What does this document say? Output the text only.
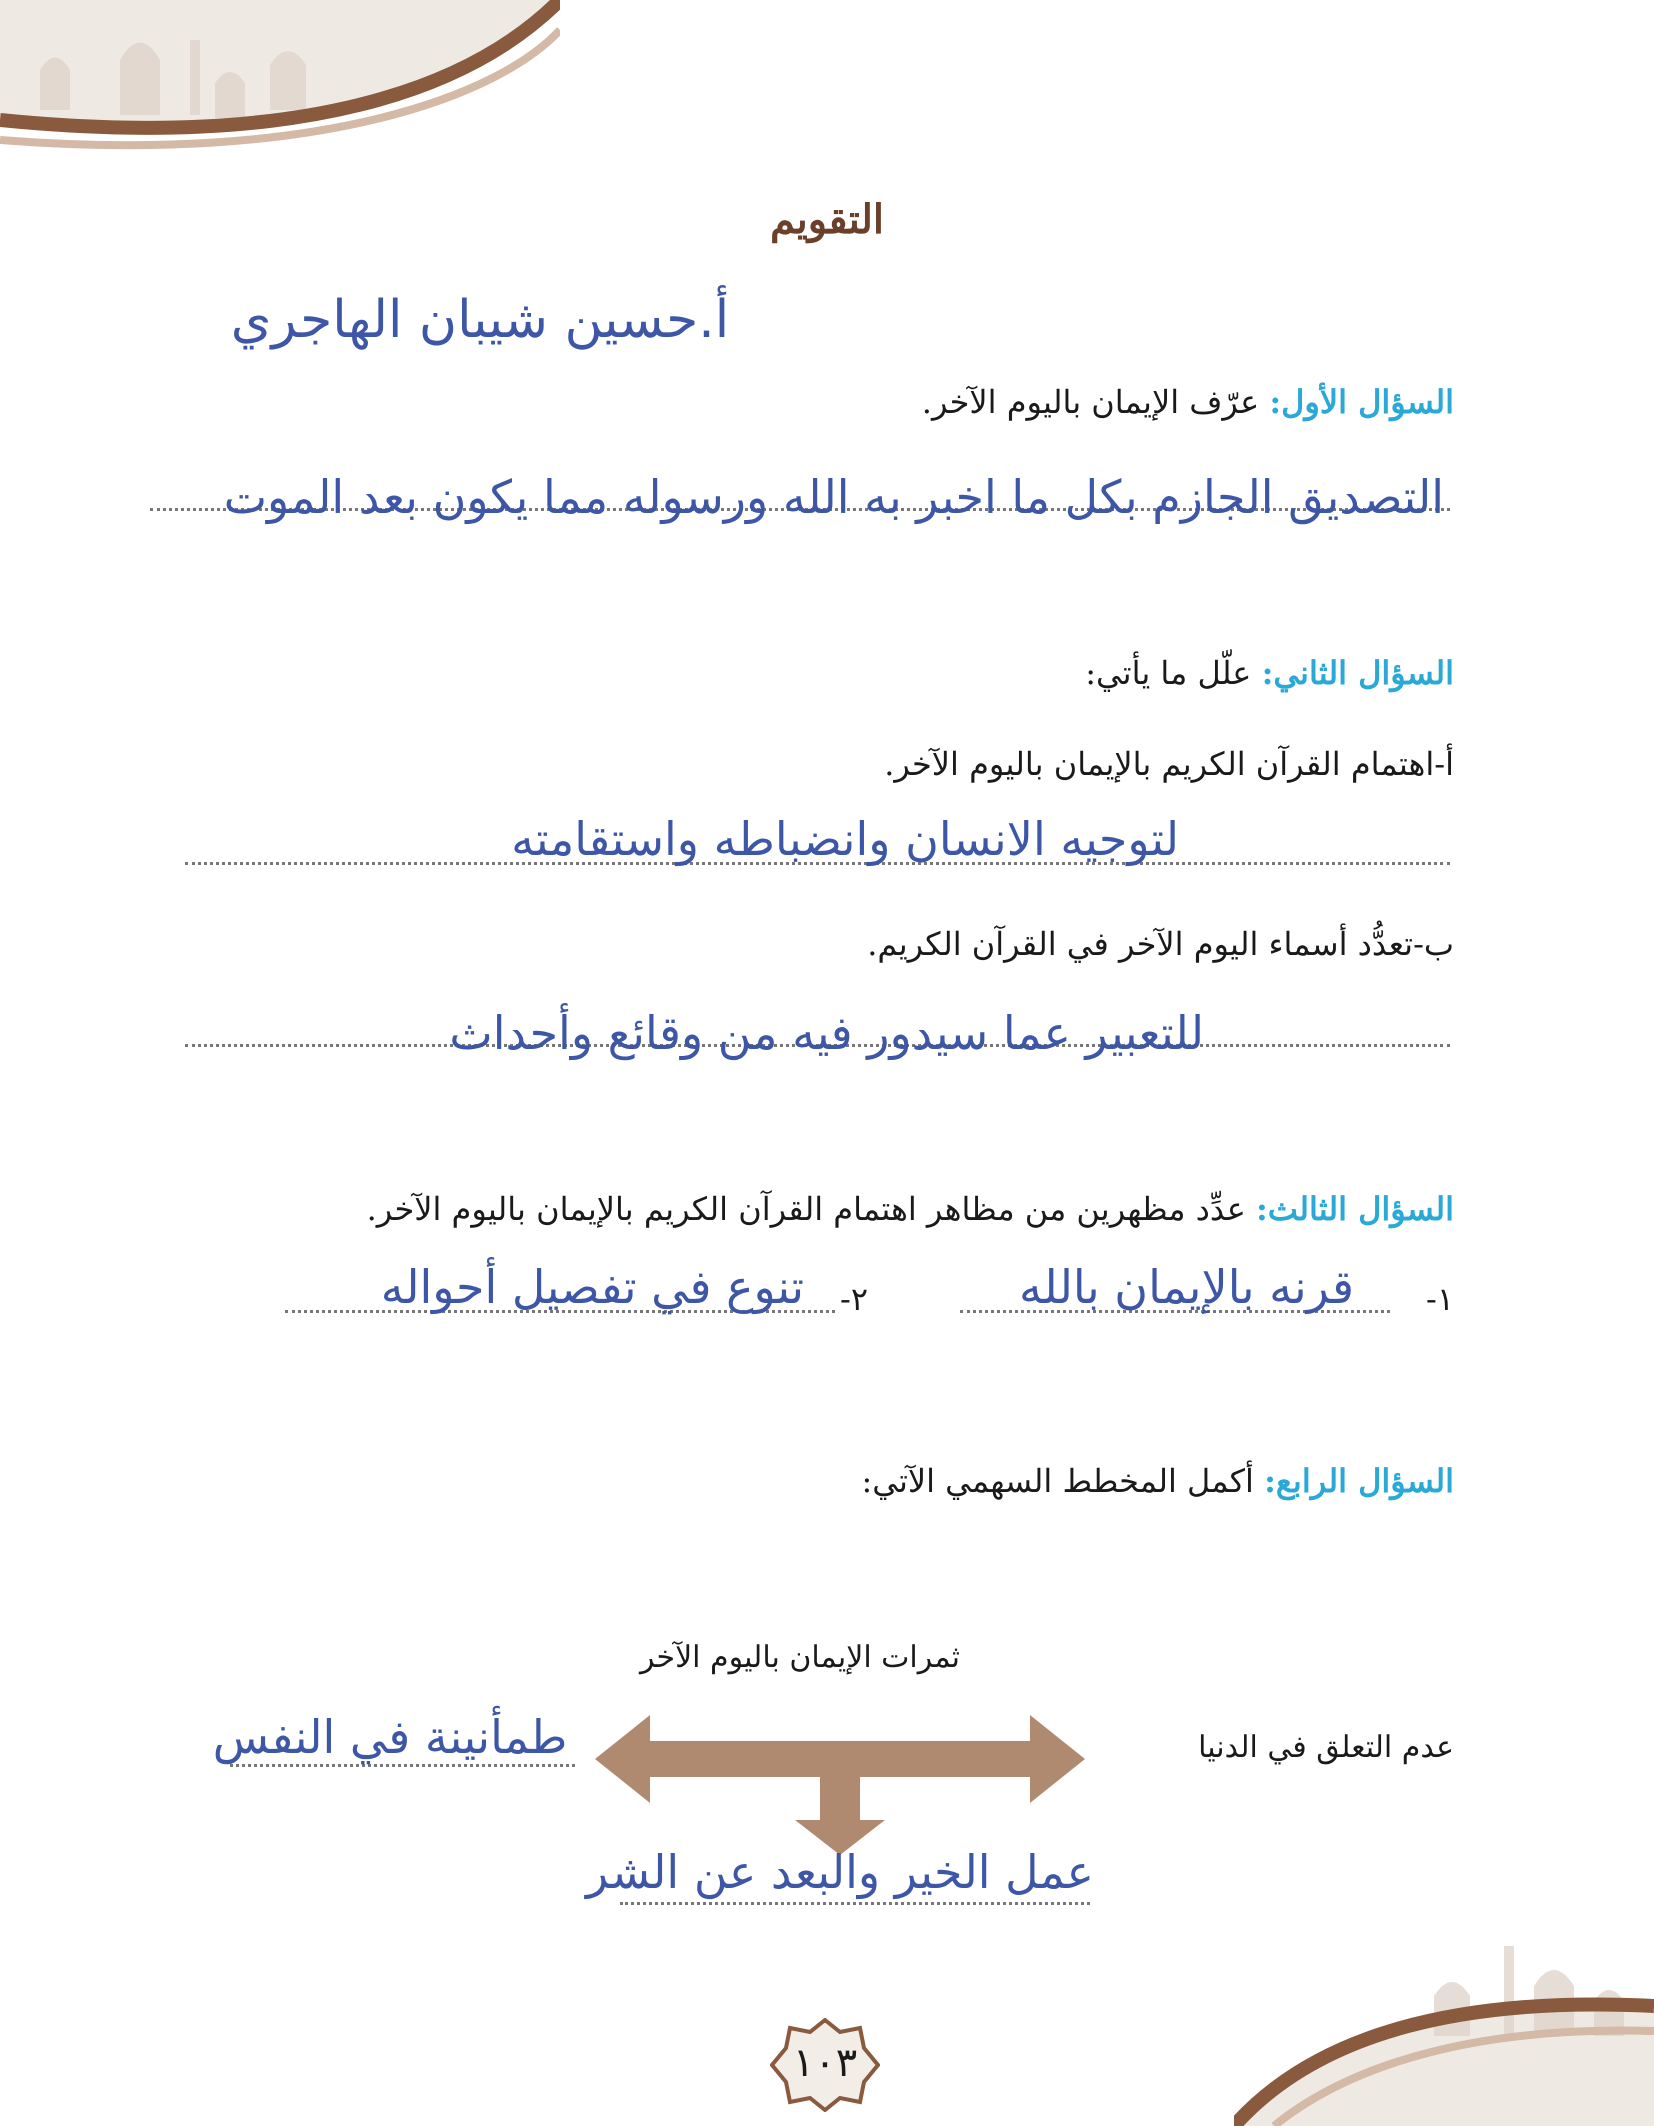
التقويم
أ.حسين شيبان الهاجري
السؤال الأول: عرّف الإيمان باليوم الآخر.
التصديق الجازم بكل ما اخبر به الله ورسوله مما يكون بعد الموت
السؤال الثاني: علّل ما يأتي:
أ-اهتمام القرآن الكريم بالإيمان باليوم الآخر.
لتوجيه الانسان وانضباطه واستقامته
ب-تعدُّد أسماء اليوم الآخر في القرآن الكريم.
للتعبير عما سيدور فيه من وقائع وأحداث
السؤال الثالث: عدِّد مظهرين من مظاهر اهتمام القرآن الكريم بالإيمان باليوم الآخر.
١-
قرنه بالإيمان بالله
٢-
تنوع في تفصيل أحواله
السؤال الرابع: أكمل المخطط السهمي الآتي:
ثمرات الإيمان باليوم الآخر
عدم التعلق في الدنيا
طمأنينة في النفس
عمل الخير والبعد عن الشر
١٠٣
